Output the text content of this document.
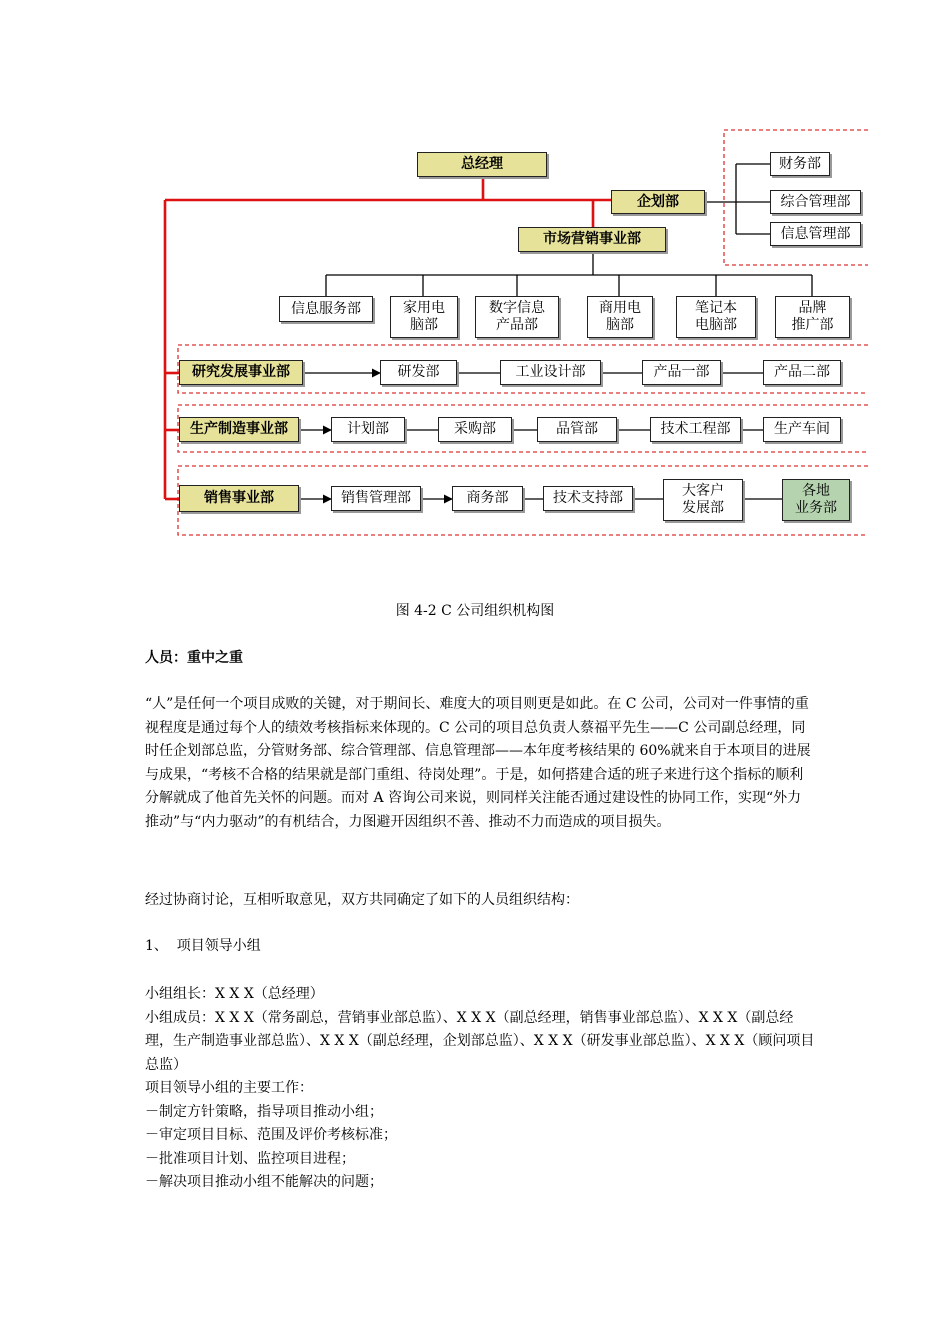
总经理
企划部
财务部
综合管理部
信息管理部
市场营销事业部
信息服务部	家用电
脑部
数字信息
产品部
商用电
脑部
笔记本
电脑部
品牌
推广部
研究发展事业部	研发部	工业设计部	产品一部	产品二部
生产制造事业部	计划部	采购部	品管部	技术工程部	生产车间
销售事业部	销售管理部	商务部	技术支持部	大客户
发展部
各地
业务部
图 4-2 C 公司组织机构图
人员：重中之重

“人”是任何一个项目成败的关键，对于期间长、难度大的项目则更是如此。在 C 公司，公司对一件事情的重视程度是通过每个人的绩效考核指标来体现的。C 公司的项目总负责人蔡福平先生——C 公司副总经理，同时任企划部总监，分管财务部、综合管理部、信息管理部——本年度考核结果的 60%就来自于本项目的进展与成果，“考核不合格的结果就是部门重组、待岗处理”。于是，如何搭建合适的班子来进行这个指标的顺利分解就成了他首先关怀的问题。而对 A 咨询公司来说，则同样关注能否通过建设性的协同工作，实现“外力推动”与“内力驱动”的有机结合，力图避开因组织不善、推动不力而造成的项目损失。

经过协商讨论，互相听取意见，双方共同确定了如下的人员组织结构：
1、  项目领导小组

小组组长：X X X（总经理）

小组成员：X X X（常务副总，营销事业部总监）、X X X（副总经理，销售事业部总监）、X X X（副总经理，生产制造事业部总监）、X X X（副总经理，企划部总监）、X X X（研发事业部总监）、X X X（顾问项目总监）

项目领导小组的主要工作：

－制定方针策略，指导项目推动小组；

－审定项目目标、范围及评价考核标准；

－批准项目计划、监控项目进程；

－解决项目推动小组不能解决的问题；
